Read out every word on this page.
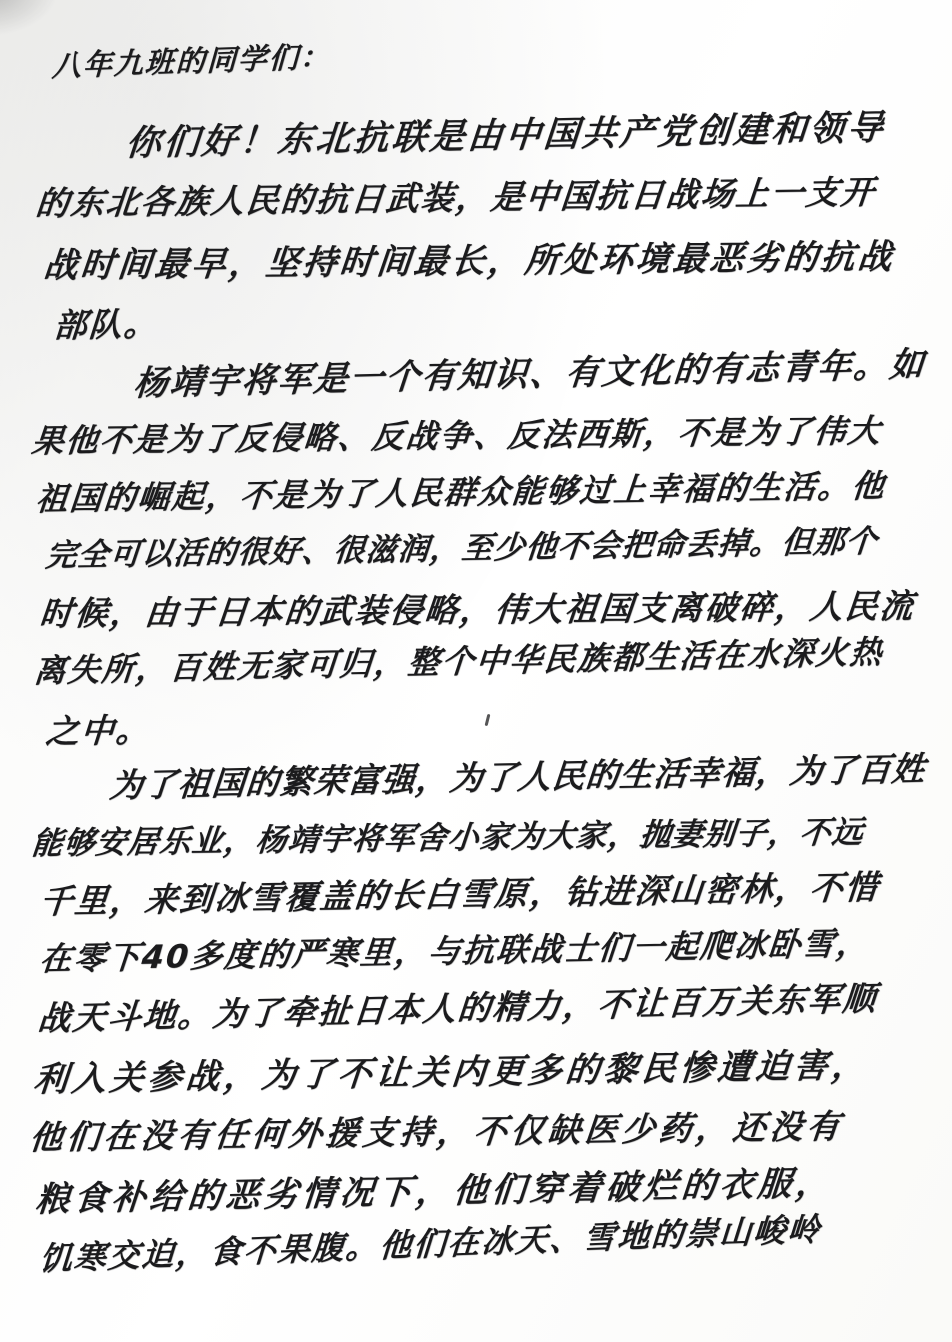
八年九班的同学们：
你们好！东北抗联是由中国共产党创建和领导
的东北各族人民的抗日武装，是中国抗日战场上一支开
战时间最早，坚持时间最长，所处环境最恶劣的抗战
部队。
杨靖宇将军是一个有知识、有文化的有志青年。如
果他不是为了反侵略、反战争、反法西斯，不是为了伟大
祖国的崛起，不是为了人民群众能够过上幸福的生活。他
完全可以活的很好、很滋润，至少他不会把命丢掉。但那个
时候，由于日本的武装侵略，伟大祖国支离破碎，人民流
离失所，百姓无家可归，整个中华民族都生活在水深火热
之中。
为了祖国的繁荣富强，为了人民的生活幸福，为了百姓
能够安居乐业，杨靖宇将军舍小家为大家，抛妻别子，不远
千里，来到冰雪覆盖的长白雪原，钻进深山密林，不惜
在零下40多度的严寒里，与抗联战士们一起爬冰卧雪，
战天斗地。为了牵扯日本人的精力，不让百万关东军顺
利入关参战，为了不让关内更多的黎民惨遭迫害，
他们在没有任何外援支持，不仅缺医少药，还没有
粮食补给的恶劣情况下，他们穿着破烂的衣服，
饥寒交迫，食不果腹。他们在冰天、雪地的崇山峻岭
